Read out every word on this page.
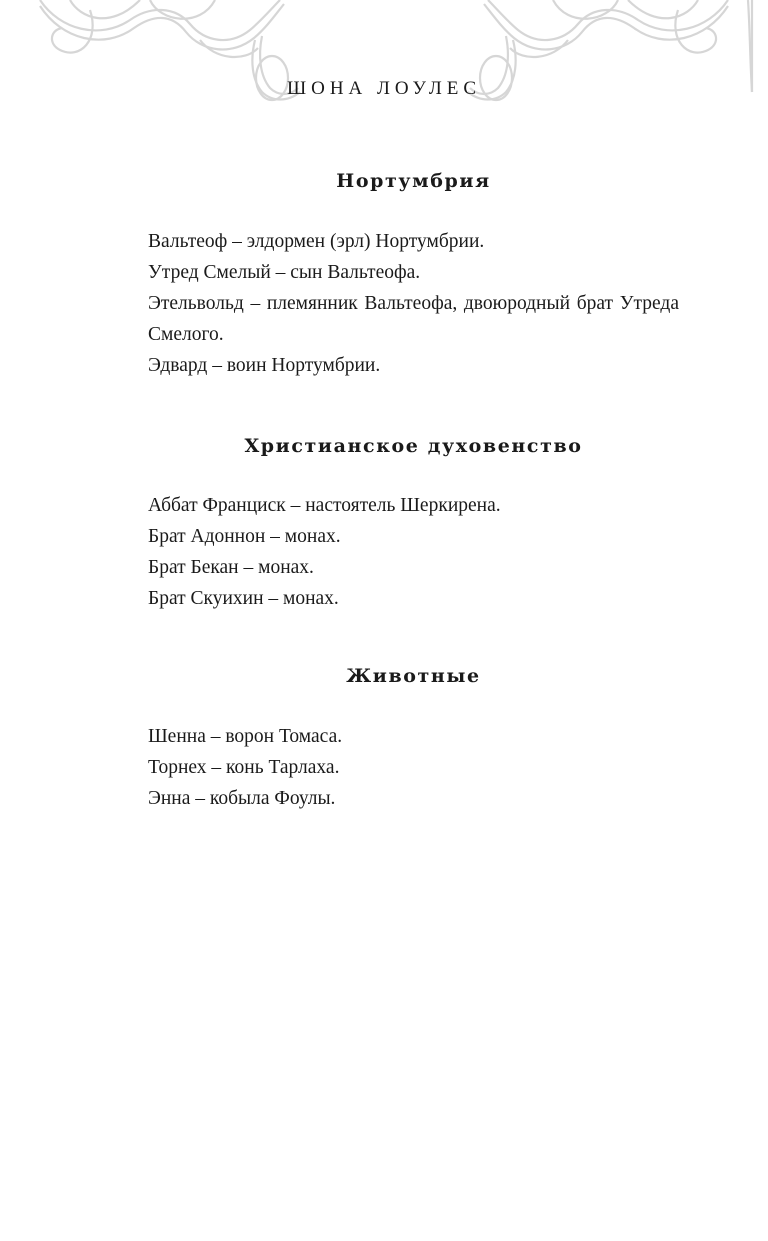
ШОНА ЛОУЛЕС
Нортумбрия
Вальтеоф – элдормен (эрл) Нортумбрии.
Утред Смелый – сын Вальтеофа.
Этельвольд – племянник Вальтеофа, двоюродный брат Утреда Смелого.
Эдвард – воин Нортумбрии.
Христианское духовенство
Аббат Франциск – настоятель Шеркирена.
Брат Адоннон – монах.
Брат Бекан – монах.
Брат Скуихин – монах.
Животные
Шенна – ворон Томаса.
Торнех – конь Тарлаха.
Энна – кобыла Фоулы.
